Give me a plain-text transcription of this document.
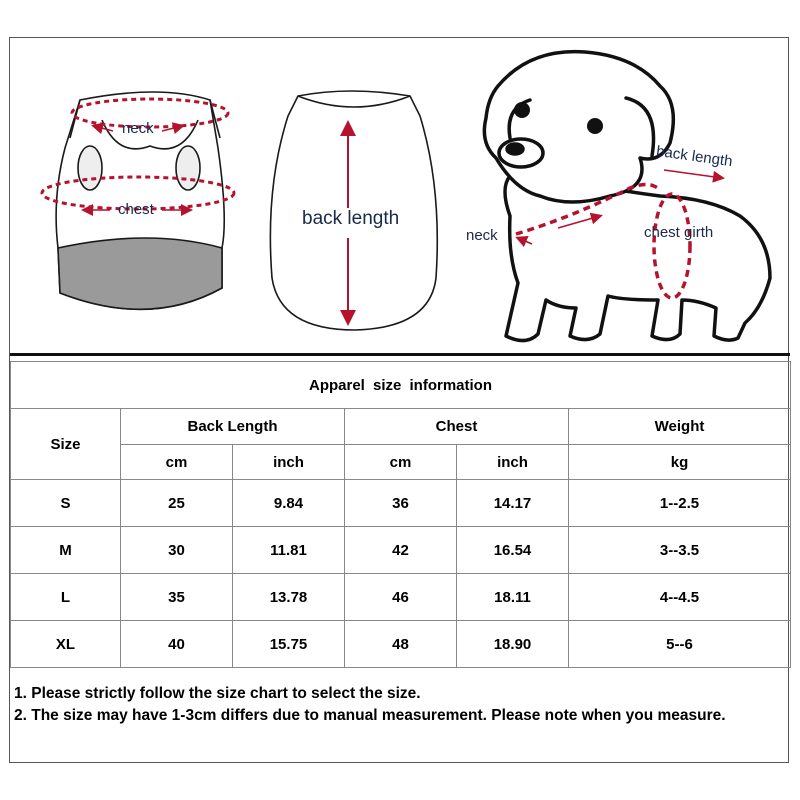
neck
chest	back length
back length
neck	chest girth
Apparel size information					
Size	Back Length		Chest		Weight
	cm	inch	cm	inch	kg
S	25	9.84	36	14.17	1--2.5
M	30	11.81	42	16.54	3--3.5
L	35	13.78	46	18.11	4--4.5
XL	40	15.75	48	18.90	5--6

1. Please strictly follow the size chart to select the size.

2. The size may have 1-3cm differs due to manual measurement. Please note when you measure.
